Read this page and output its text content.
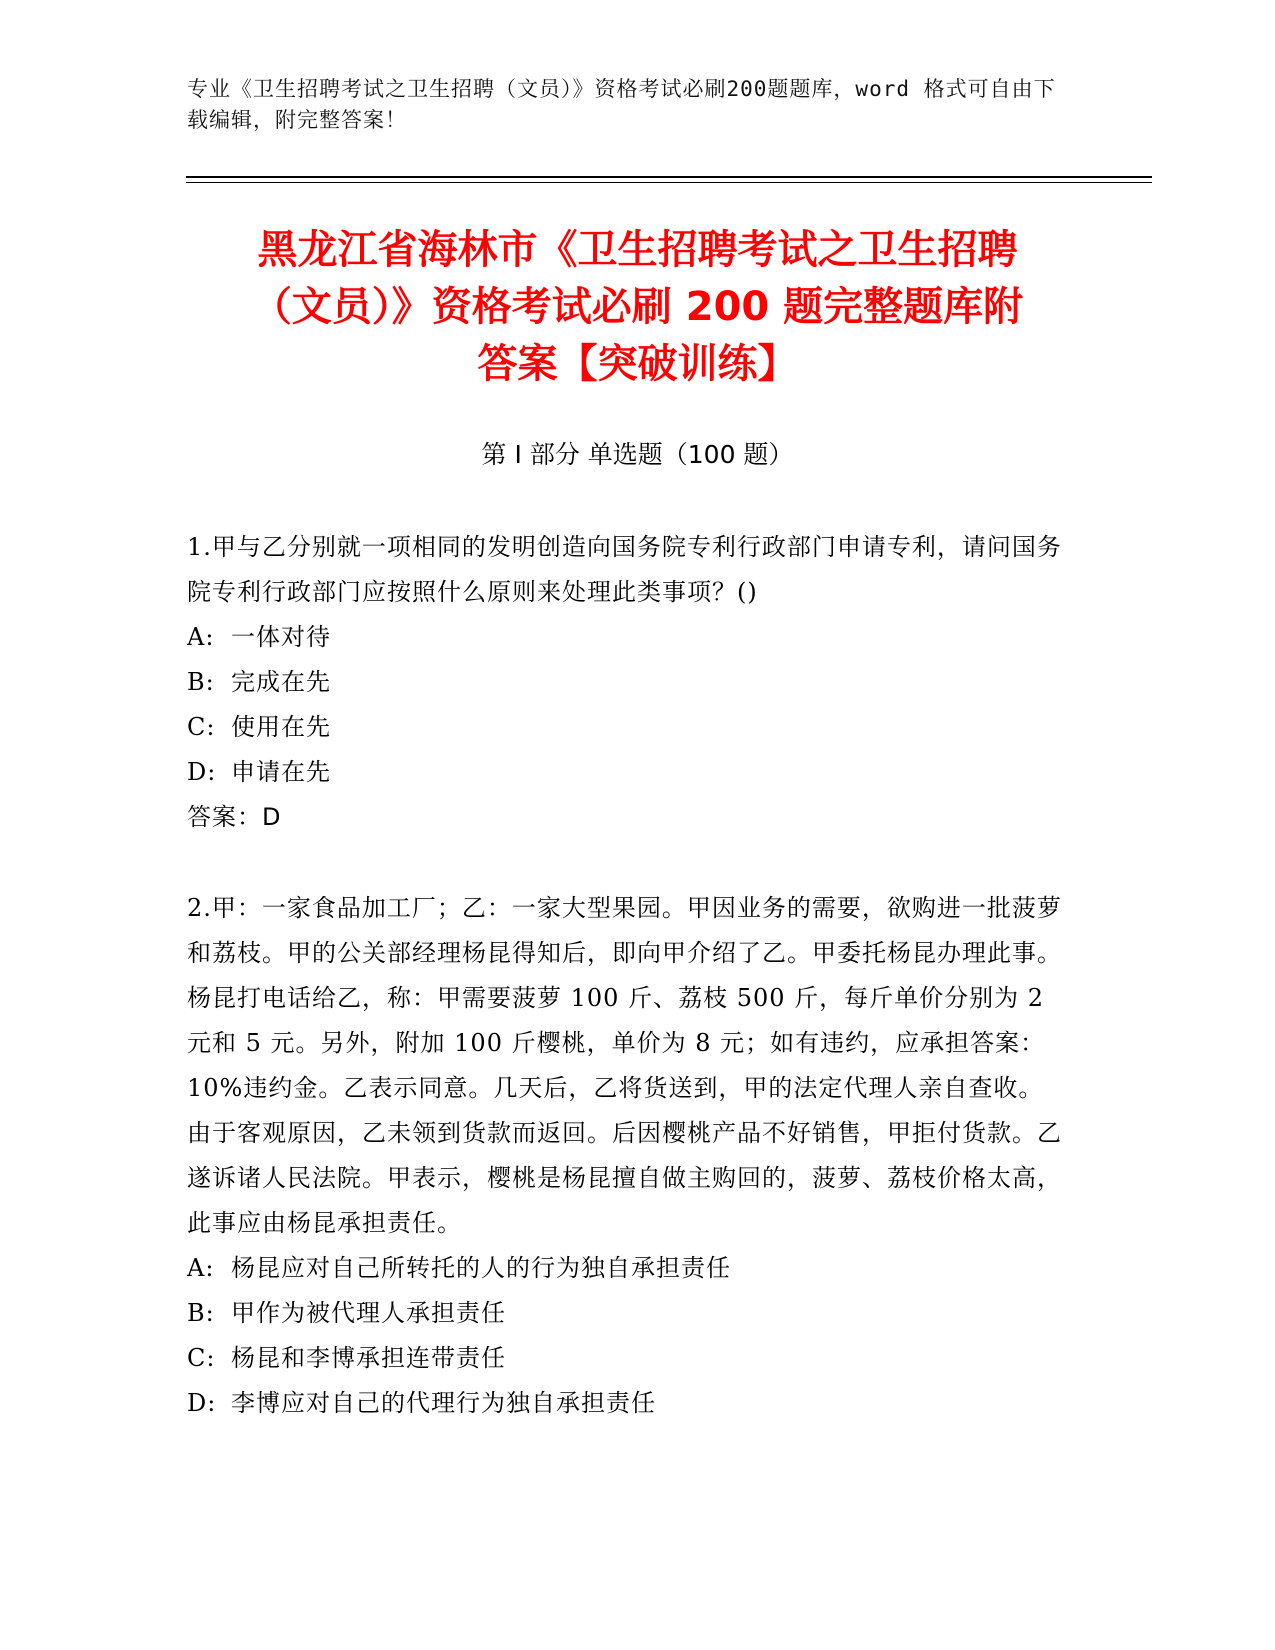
专业《卫生招聘考试之卫生招聘（文员）》资格考试必刷200题题库，word 格式可自由下载编辑，附完整答案！
黑龙江省海林市《卫生招聘考试之卫生招聘
（文员）》资格考试必刷 200 题完整题库附
答案【突破训练】
第 I 部分 单选题（100 题）

1.甲与乙分别就一项相同的发明创造向国务院专利行政部门申请专利，请问国务院专利行政部门应按照什么原则来处理此类事项？()

A: 一体对待

B: 完成在先

C: 使用在先

D: 申请在先

答案：D

2.甲：一家食品加工厂；乙：一家大型果园。甲因业务的需要，欲购进一批菠萝和荔枝。甲的公关部经理杨昆得知后，即向甲介绍了乙。甲委托杨昆办理此事。杨昆打电话给乙，称：甲需要菠萝 100 斤、荔枝 500 斤，每斤单价分别为 2 元和 5 元。另外，附加 100 斤樱桃，单价为 8 元；如有违约，应承担答案：10%违约金。乙表示同意。几天后，乙将货送到，甲的法定代理人亲自查收。由于客观原因，乙未领到货款而返回。后因樱桃产品不好销售，甲拒付货款。乙遂诉诸人民法院。甲表示，樱桃是杨昆擅自做主购回的，菠萝、荔枝价格太高，此事应由杨昆承担责任。

A: 杨昆应对自己所转托的人的行为独自承担责任

B: 甲作为被代理人承担责任

C: 杨昆和李博承担连带责任

D: 李博应对自己的代理行为独自承担责任
